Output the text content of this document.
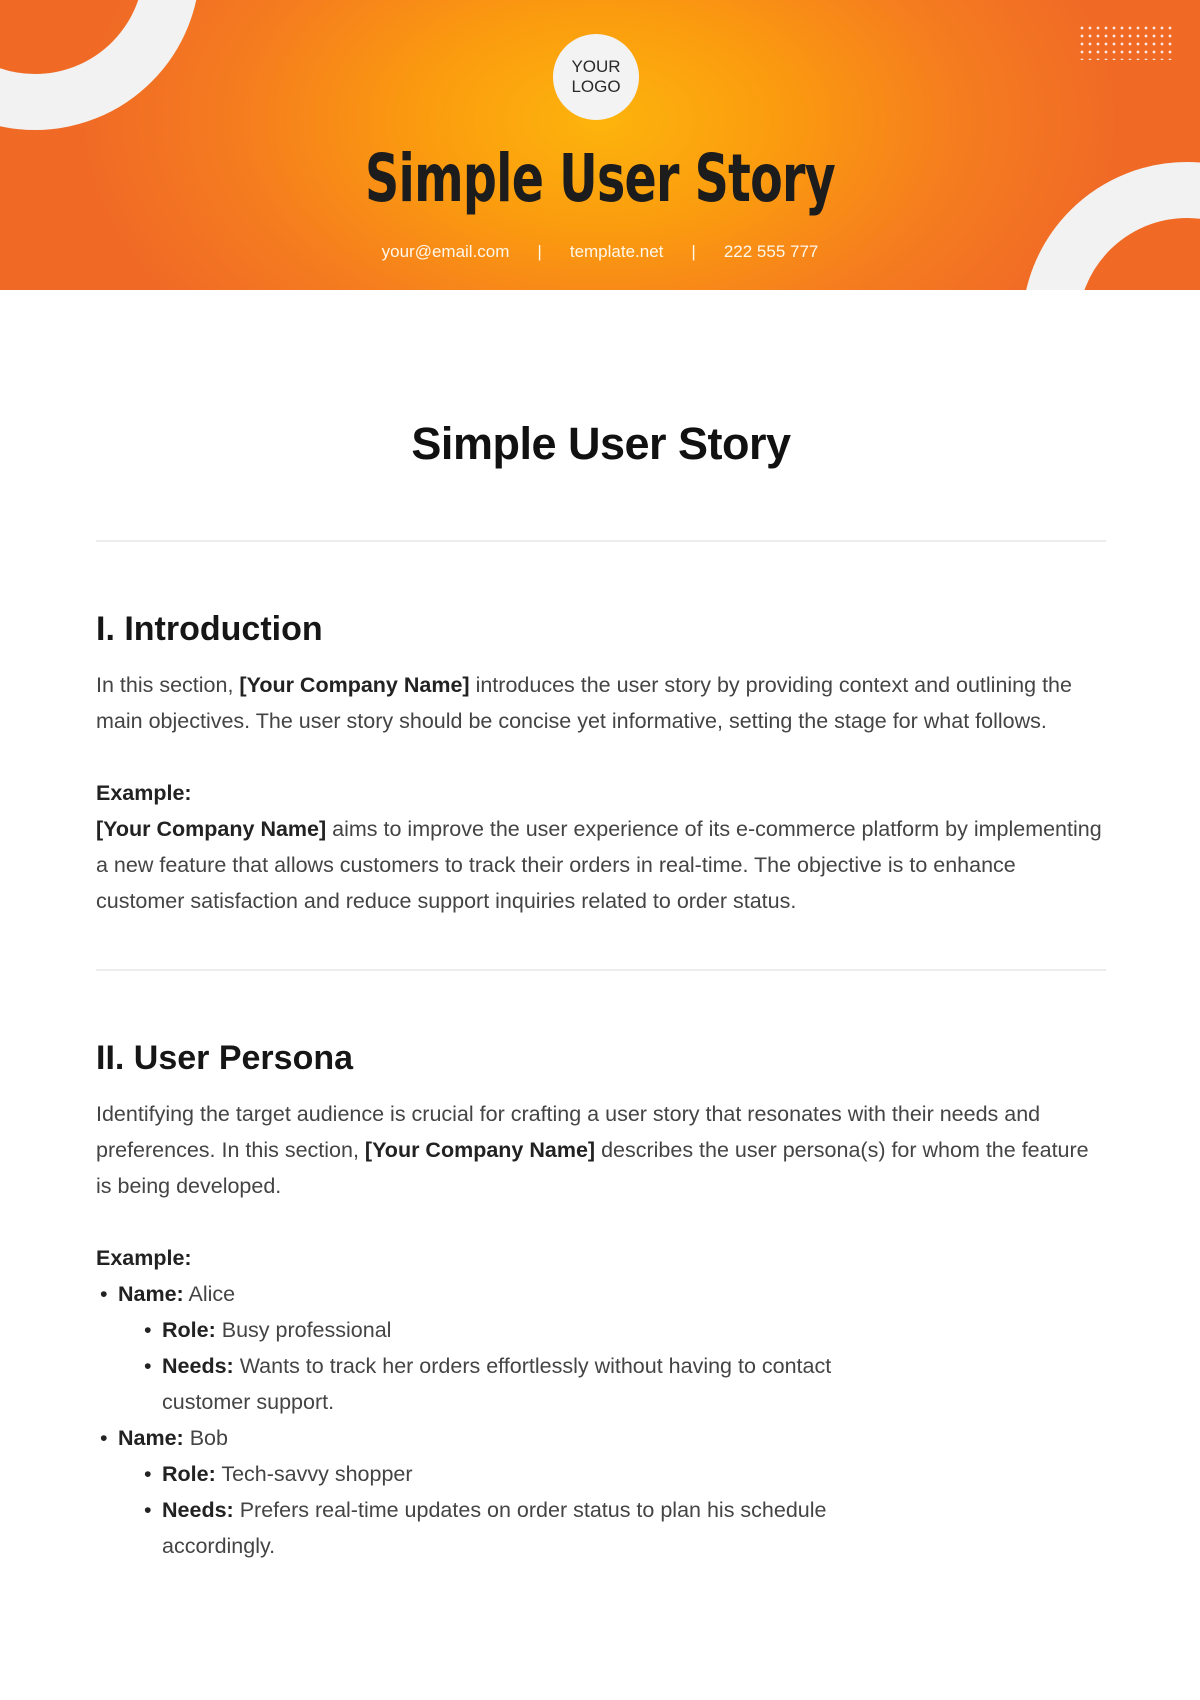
YOUR
LOGO
Simple User Story
your@email.com | template.net | 222 555 777
Simple User Story
I. Introduction

In this section, [Your Company Name] introduces the user story by providing context and outlining the main objectives. The user story should be concise yet informative, setting the stage for what follows.

Example:

[Your Company Name] aims to improve the user experience of its e-commerce platform by implementing a new feature that allows customers to track their orders in real-time. The objective is to enhance customer satisfaction and reduce support inquiries related to order status.

II. User Persona

Identifying the target audience is crucial for crafting a user story that resonates with their needs and preferences. In this section, [Your Company Name] describes the user persona(s) for whom the feature is being developed.

Example:
• Name: Alice
• Role: Busy professional
• Needs: Wants to track her orders effortlessly without having to contact customer support.
• Name: Bob
• Role: Tech-savvy shopper
• Needs: Prefers real-time updates on order status to plan his schedule accordingly.
